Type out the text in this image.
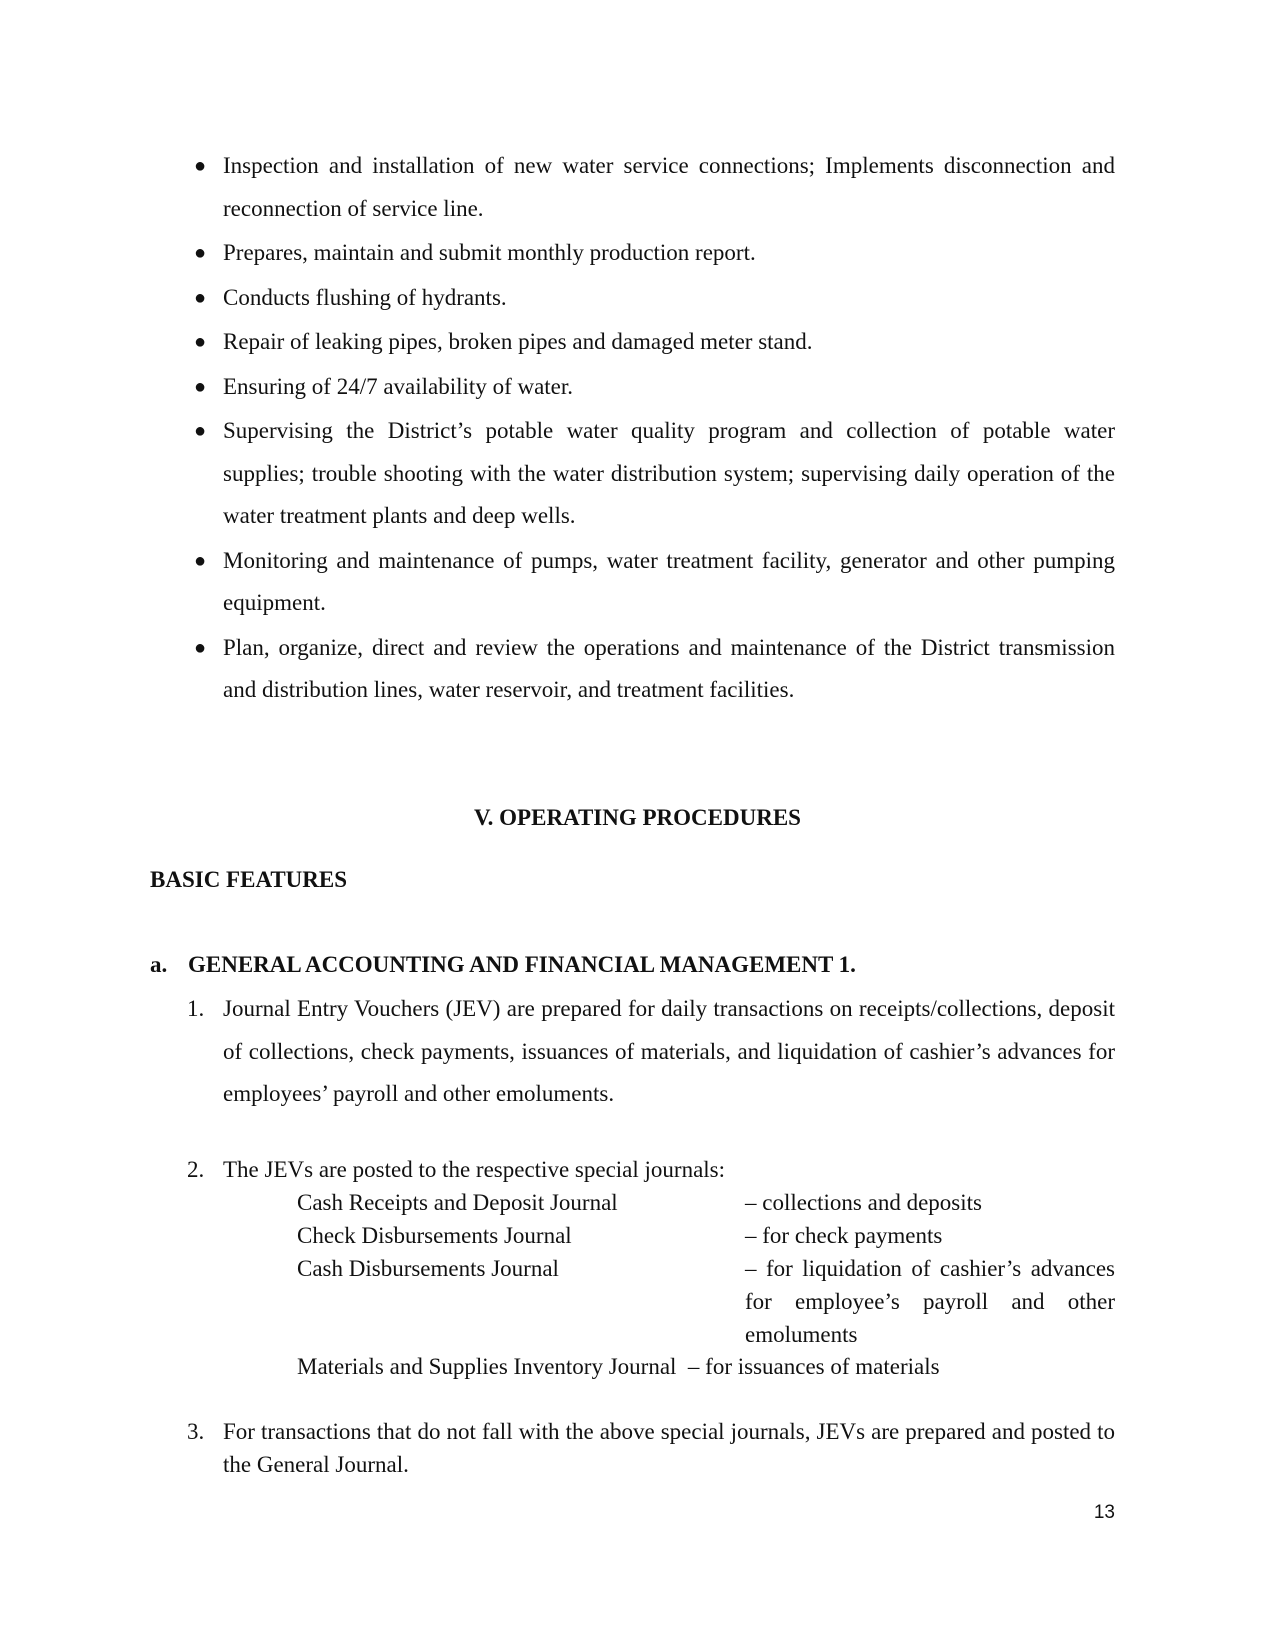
● Inspection and installation of new water service connections; Implements disconnection and reconnection of service line.
● Prepares, maintain and submit monthly production report.
● Conducts flushing of hydrants.
● Repair of leaking pipes, broken pipes and damaged meter stand.
● Ensuring of 24/7 availability of water.
● Supervising the District’s potable water quality program and collection of potable water supplies; trouble shooting with the water distribution system; supervising daily operation of the water treatment plants and deep wells.
● Monitoring and maintenance of pumps, water treatment facility, generator and other pumping equipment.
● Plan, organize, direct and review the operations and maintenance of the District transmission and distribution lines, water reservoir, and treatment facilities.
V. OPERATING PROCEDURES
BASIC FEATURES
a. GENERAL ACCOUNTING AND FINANCIAL MANAGEMENT 1.
1. Journal Entry Vouchers (JEV) are prepared for daily transactions on receipts/collections, deposit of collections, check payments, issuances of materials, and liquidation of cashier’s advances for employees’ payroll and other emoluments.
2. The JEVs are posted to the respective special journals:
Cash Receipts and Deposit Journal	– collections and deposits
Check Disbursements Journal	– for check payments
Cash Disbursements Journal	– for liquidation of cashier’s advances for employee’s payroll and other emoluments
Materials and Supplies Inventory Journal – for issuances of materials
3. For transactions that do not fall with the above special journals, JEVs are prepared and posted to the General Journal.
13
